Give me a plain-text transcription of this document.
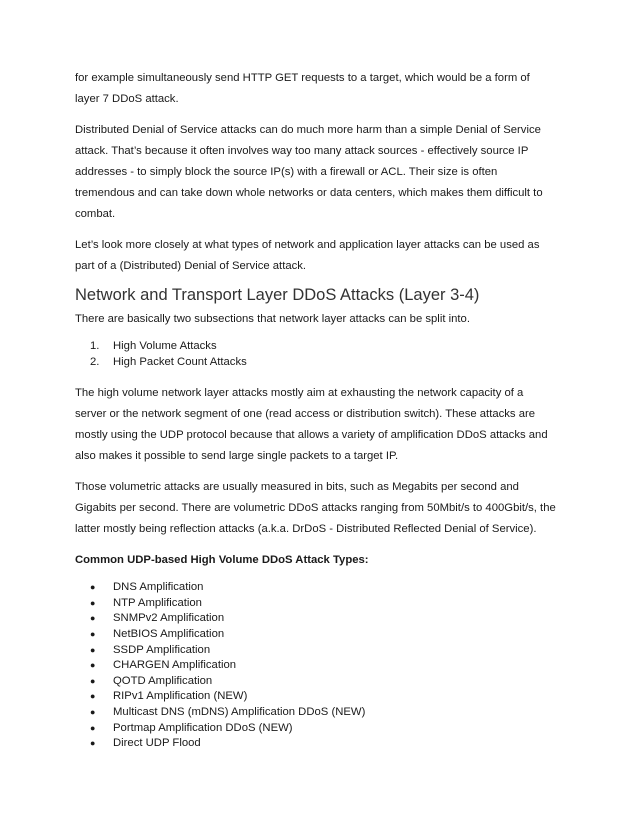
for example simultaneously send HTTP GET requests to a target, which would be a form of
layer 7 DDoS attack.

Distributed Denial of Service attacks can do much more harm than a simple Denial of Service
attack. That’s because it often involves way too many attack sources - effectively source IP
addresses - to simply block the source IP(s) with a firewall or ACL. Their size is often
tremendous and can take down whole networks or data centers, which makes them difficult to
combat.

Let’s look more closely at what types of network and application layer attacks can be used as
part of a (Distributed) Denial of Service attack.

Network and Transport Layer DDoS Attacks (Layer 3-4)

There are basically two subsections that network layer attacks can be split into.

1. High Volume Attacks
2. High Packet Count Attacks

The high volume network layer attacks mostly aim at exhausting the network capacity of a
server or the network segment of one (read access or distribution switch). These attacks are
mostly using the UDP protocol because that allows a variety of amplification DDoS attacks and
also makes it possible to send large single packets to a target IP.

Those volumetric attacks are usually measured in bits, such as Megabits per second and
Gigabits per second. There are volumetric DDoS attacks ranging from 50Mbit/s to 400Gbit/s, the
latter mostly being reflection attacks (a.k.a. DrDoS - Distributed Reflected Denial of Service).

Common UDP-based High Volume DDoS Attack Types:

● DNS Amplification
● NTP Amplification
● SNMPv2 Amplification
● NetBIOS Amplification
● SSDP Amplification
● CHARGEN Amplification
● QOTD Amplification
● RIPv1 Amplification (NEW)
● Multicast DNS (mDNS) Amplification DDoS (NEW)
● Portmap Amplification DDoS (NEW)
● Direct UDP Flood
